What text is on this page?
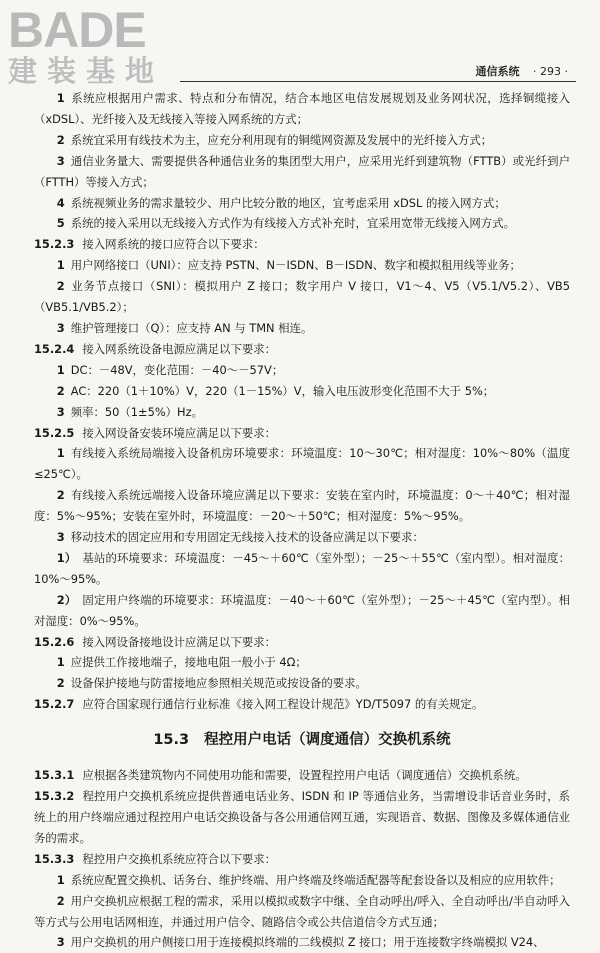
BADE
建装基地	通信系统 · 293 ·

1 系统应根据用户需求、特点和分布情况，结合本地区电信发展规划及业务网状况，选择铜缆接入（xDSL）、光纤接入及无线接入等接入网系统的方式；

2 系统宜采用有线技术为主，应充分利用现有的铜缆网资源及发展中的光纤接入方式；

3 通信业务量大、需要提供各种通信业务的集团型大用户，应采用光纤到建筑物（FTTB）或光纤到户（FTTH）等接入方式；

4 系统视频业务的需求量较少、用户比较分散的地区，宜考虑采用 xDSL 的接入网方式；

5 系统的接入采用以无线接入方式作为有线接入方式补充时，宜采用宽带无线接入网方式。

15.2.3 接入网系统的接口应符合以下要求：

1 用户网络接口（UNI）：应支持 PSTN、N－ISDN、B－ISDN、数字和模拟租用线等业务；

2 业务节点接口（SNI）：模拟用户 Z 接口；数字用户 V 接口，V1～4、V5（V5.1/V5.2）、VB5（VB5.1/VB5.2）；

3 维护管理接口（Q）：应支持 AN 与 TMN 相连。

15.2.4 接入网系统设备电源应满足以下要求：

1 DC：－48V，变化范围：－40～－57V；

2 AC：220（1＋10%）V，220（1－15%）V，输入电压波形变化范围不大于 5%；

3 频率：50（1±5%）Hz。

15.2.5 接入网设备安装环境应满足以下要求：

1 有线接入系统局端接入设备机房环境要求：环境温度：10～30℃；相对湿度：10%～80%（温度≤25℃）。

2 有线接入系统远端接入设备环境应满足以下要求：安装在室内时，环境温度：0～＋40℃；相对湿度：5%～95%；安装在室外时，环境温度：－20～＋50℃；相对湿度：5%～95%。

3 移动技术的固定应用和专用固定无线接入技术的设备应满足以下要求：

1） 基站的环境要求：环境温度：－45～＋60℃（室外型）；－25～＋55℃（室内型）。相对湿度：10%～95%。

2） 固定用户终端的环境要求：环境温度：－40～＋60℃（室外型）；－25～＋45℃（室内型）。相对湿度：0%～95%。

15.2.6 接入网设备接地设计应满足以下要求：

1 应提供工作接地端子，接地电阻一般小于 4Ω；

2 设备保护接地与防雷接地应参照相关规范或按设备的要求。

15.2.7 应符合国家现行通信行业标准《接入网工程设计规范》YD/T5097 的有关规定。

15.3 程控用户电话（调度通信）交换机系统

15.3.1 应根据各类建筑物内不同使用功能和需要，设置程控用户电话（调度通信）交换机系统。

15.3.2 程控用户交换机系统应提供普通电话业务、ISDN 和 IP 等通信业务，当需增设非话音业务时，系统上的用户终端应通过程控用户电话交换设备与各公用通信网互通，实现语音、数据、图像及多媒体通信业务的需求。

15.3.3 程控用户交换机系统应符合以下要求：

1 系统应配置交换机、话务台、维护终端、用户终端及终端适配器等配套设备以及相应的应用软件；

2 用户交换机应根据工程的需求，采用以模拟或数字中继、全自动呼出/呼入、全自动呼出/半自动呼入等方式与公用电话网相连，并通过用户信令、随路信令或公共信道信令方式互通；

3 用户交换机的用户侧接口用于连接模拟终端的二线模拟 Z 接口；用于连接数字终端模拟 V24、
